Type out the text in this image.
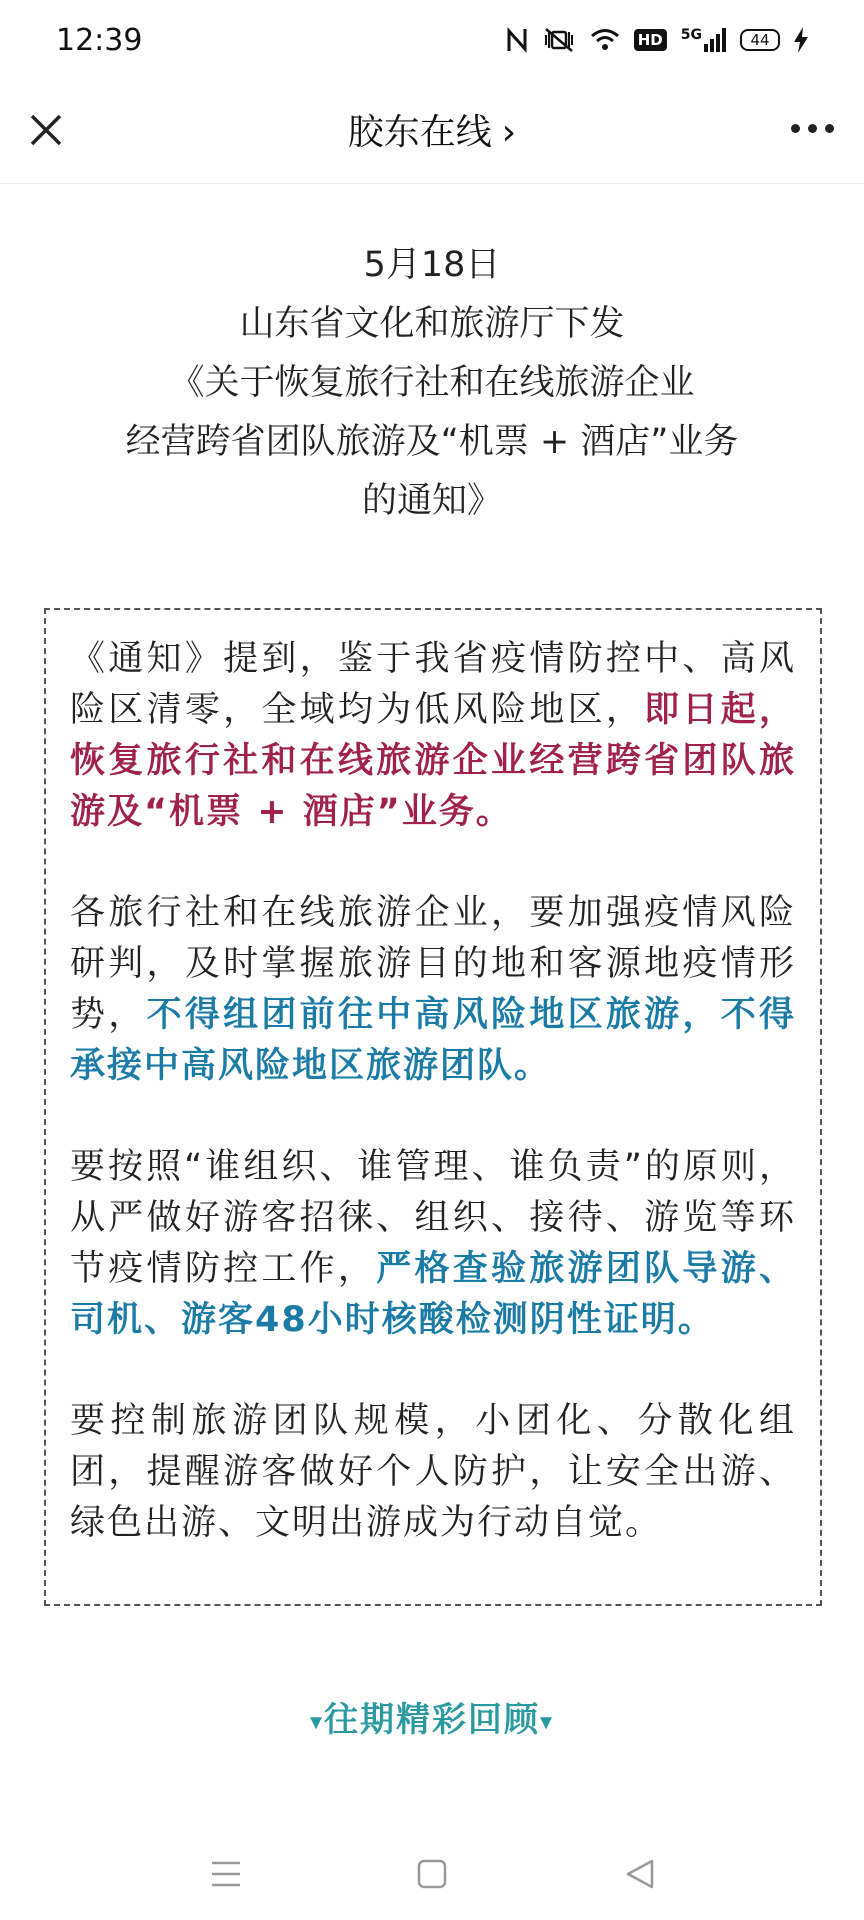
12:39	HD 5G	44
胶东在线 ›
5月18日
山东省文化和旅游厅下发
《关于恢复旅行社和在线旅游企业
经营跨省团队旅游及“机票 + 酒店”业务
的通知》

《通知》提到，鉴于我省疫情防控中、高风险区清零，全域均为低风险地区，即日起，恢复旅行社和在线旅游企业经营跨省团队旅游及“机票 + 酒店”业务。

各旅行社和在线旅游企业，要加强疫情风险研判，及时掌握旅游目的地和客源地疫情形势，不得组团前往中高风险地区旅游，不得承接中高风险地区旅游团队。

要按照“谁组织、谁管理、谁负责”的原则，从严做好游客招徕、组织、接待、游览等环节疫情防控工作，严格查验旅游团队导游、司机、游客48小时核酸检测阴性证明。

要控制旅游团队规模，小团化、分散化组团，提醒游客做好个人防护，让安全出游、绿色出游、文明出游成为行动自觉。

▾往期精彩回顾▾
